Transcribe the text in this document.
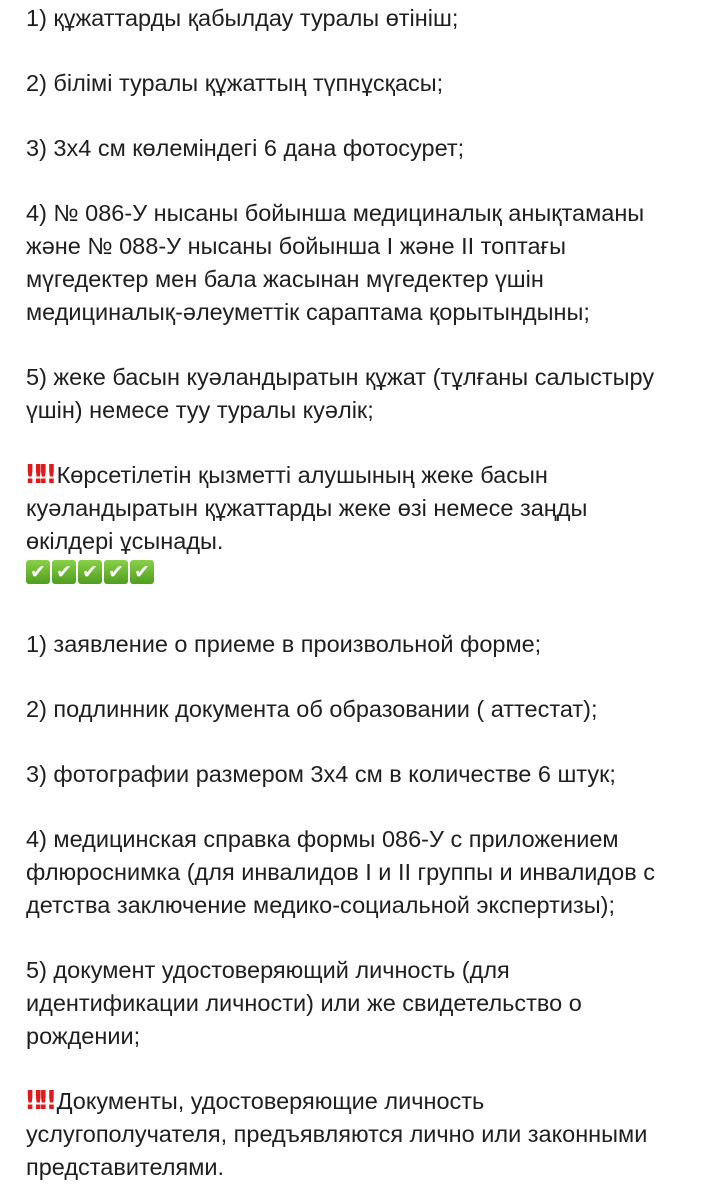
1) құжаттарды қабылдау туралы өтініш;
2) білімі туралы құжаттың түпнұсқасы;
3) 3х4 см көлеміндегі 6 дана фотосурет;
4) № 086-У нысаны бойынша медициналық анықтаманы
және № 088-У нысаны бойынша І және ІІ топтағы
мүгедектер мен бала жасынан мүгедектер үшін
медициналық-әлеуметтік сараптама қорытындыны;
5) жеке басын куәландыратын құжат (тұлғаны салыстыру
үшін) немесе туу туралы куәлік;
‼‼ Көрсетілетін қызметті алушының жеке басын
куәландыратын құжаттарды жеке өзі немесе заңды
өкілдері ұсынады.
✔ ✔ ✔ ✔ ✔
1) заявление о приеме в произвольной форме;
2) подлинник документа об образовании ( аттестат);
3) фотографии размером 3х4 см в количестве 6 штук;
4) медицинская справка формы 086-У с приложением
флюроснимка (для инвалидов I и II группы и инвалидов с
детства заключение медико-социальной экспертизы);
5) документ удостоверяющий личность (для
идентификации личности) или же свидетельство о
рождении;
‼‼ Документы, удостоверяющие личность
услугополучателя, предъявляются лично или законными
представителями.
